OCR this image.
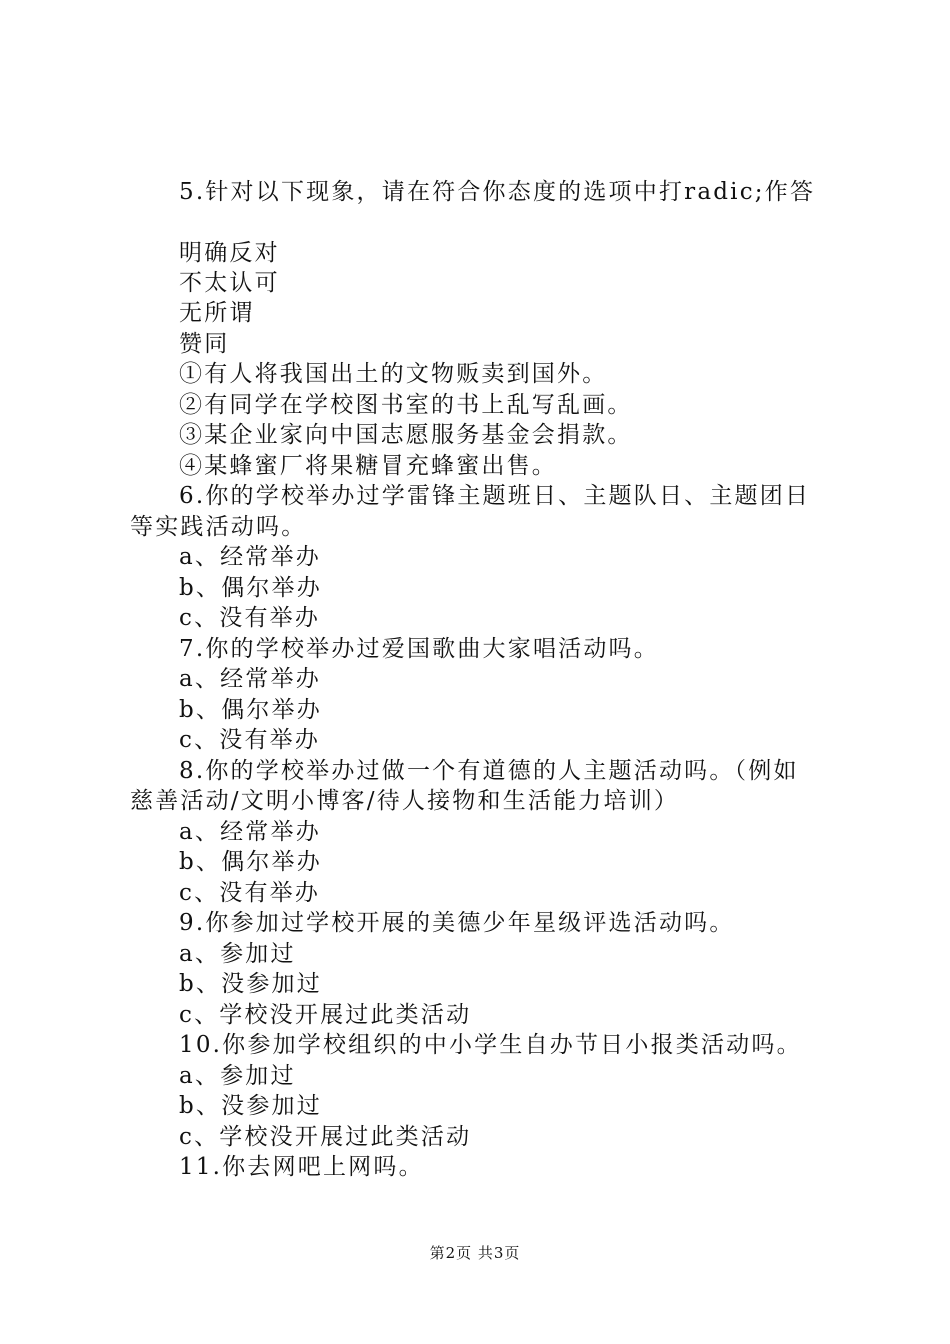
5.针对以下现象，请在符合你态度的选项中打radic;作答
明确反对
不太认可
无所谓
赞同
①有人将我国出土的文物贩卖到国外。
②有同学在学校图书室的书上乱写乱画。
③某企业家向中国志愿服务基金会捐款。
④某蜂蜜厂将果糖冒充蜂蜜出售。
6.你的学校举办过学雷锋主题班日、主题队日、主题团日
等实践活动吗。
a、经常举办
b、偶尔举办
c、没有举办
7.你的学校举办过爱国歌曲大家唱活动吗。
a、经常举办
b、偶尔举办
c、没有举办
8.你的学校举办过做一个有道德的人主题活动吗。（例如
慈善活动/文明小博客/待人接物和生活能力培训）
a、经常举办
b、偶尔举办
c、没有举办
9.你参加过学校开展的美德少年星级评选活动吗。
a、参加过
b、没参加过
c、学校没开展过此类活动
10.你参加学校组织的中小学生自办节日小报类活动吗。
a、参加过
b、没参加过
c、学校没开展过此类活动
11.你去网吧上网吗。
第2页 共3页
